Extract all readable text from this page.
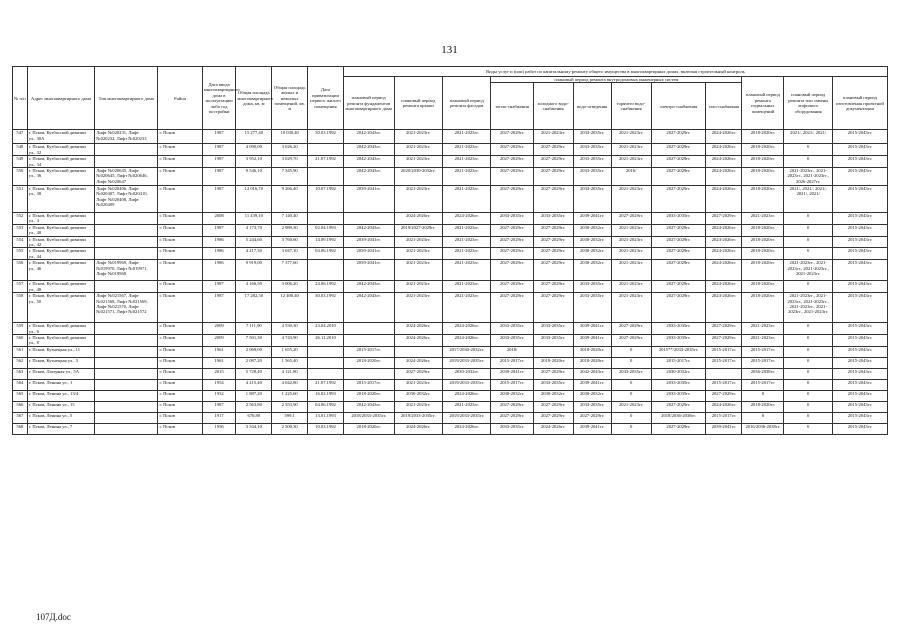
131
№ п/п	Адрес многоквартирного дома	Тип многоквартирного дома	Район	Дата ввода многоквартирного дома в эксплуатацию либо год постройки	Общая площадь многоквартирного дома, кв. м	Общая площадь жилых и нежилых помещений, кв. м	Дата приватизации первого жилого помещения	Виды услуг и (или) работ по капитальному ремонту общего имущества в многоквартирных домах, включая строительный контроль											
								плановый период ремонта фундаментов многоквартирного дома	плановый период ремонта крыши	плановый период ремонта фасадов	плановый период ремонта внутридомовых инженерных систем						плановый период ремонта подвальных помещений	плановый период ремонта или замены лифтового оборудования	плановый период изготовления проектной документации
											тепло-снабжения	холодного водо-снабжения	водо-отведения	горячего водо-снабжения	электро-снабжения	газо-снабжения			
547	г. Псков, Кузбасской дивизии ул., 30А	Лифт №020231, Лифт №020232, Лифт №020233	г. Псков	1987	15 277,40	10 030,40	30.03.1992	2042-2043гг.	2021-2023гг.	2021-2023гг.	2027-2029гг.	2021-2023гг.	2033-2035гг.	2021-2023гг.	2027-2029гг.	2024-2026гг.	2018-2020гг.	2021/, 2021/, 2021/	2015-2043гг.
548	г. Псков, Кузбасской дивизии ул., 32		г. Псков	1987	4 090,00	3 026,20		2042-2043гг.	2021-2023гг.	2021-2023гг.	2027-2029гг.	2027-2029гг.	2033-2035гг.	2021-2023гг.	2027-2029гг.	2024-2026гг.	2018-2020гг.	0	2015-2043гг.
549	г. Псков, Кузбасской дивизии ул., 34		г. Псков	1987	3 952,10	3 029,70	21.07.1992	2042-2043гг.	2021-2023гг.	2021-2023гг.	2027-2029гг.	2027-2029гг.	2033-2035гг.	2021-2023гг.	2027-2029гг.	2024-2026гг.	2018-2020гг.	0	2015-2043гг.
550	г. Псков, Кузбасской дивизии ул., 36	Лифт №020645, Лифт №020645, Лифт №020646, Лифт №020647	г. Псков	1987	9 546,10	7 345,90		2042-2043гг.	2020/2030-2032гг.	2021-2023гг.	2027-2029гг.	2027-2029гг.	2033-2035гг.	2016/	2027-2029гг.	2024-2026гг.	2018-2020гг.	2021-2023гг., 2021-2023гг., 2021-2023гг., 2026-2027гг.	2015-2043гг.
551	г. Псков, Кузбасской дивизии ул., 38	Лифт №020406, Лифт №020407, Лифт №020410, Лифт №020408, Лифт №020409	г. Псков	1987	12 016,70	9 266,40	10.07.1992	2039-2041гг.	2021-2023гг.	2021-2023гг.	2027-2029гг.	2027-2029гг.	2033-2035гг.	2021-2023гг.	2027-2029гг.	2024-2026гг.	2018-2020гг.	2021/, 2021/, 2021/, 2021/, 2021/	2015-2043гг.
552	г. Псков, Кузбасской дивизии ул., 4		г. Псков	2008	11 439,10	7 140,40			2024-2026гг.	2024-2026гг.	2033-2035гг.	2033-2035гг.	2039-2041гг.	2027-2029гг.	2033-2035гг.	2027-2029гг.	2021-2023гг.	0	2015-2043гг.
553	г. Псков, Кузбасской дивизии ул., 40		г. Псков	1987	4 173,70	2 989,30	02.04.1993	2042-2043гг.	2019/2027-2029гг.	2021-2023гг.	2027-2029гг.	2027-2029гг.	2030-2032гг.	2021-2023гг.	2027-2029гг.	2024-2026гг.	2018-2020гг.	0	2015-2043гг.
554	г. Псков, Кузбасской дивизии ул., 42		г. Псков	1986	5 244,60	3 760,60	14.09.1992	2039-2041гг.	2021-2023гг.	2021-2023гг.	2027-2029гг.	2027-2029гг.	2030-2032гг.	2021-2023гг.	2027-2029гг.	2024-2026гг.	2018-2020гг.	0	2015-2043гг.
555	г. Псков, Кузбасской дивизии ул., 44		г. Псков	1986	4 217,30	3 047,10	04.06.1992	2039-2041гг.	2021-2023гг.	2021-2023гг.	2027-2029гг.	2027-2029гг.	2030-2032гг.	2021-2023гг.	2027-2029гг.	2024-2026гг.	2018-2020гг.	0	2015-2043гг.
556	г. Псков, Кузбасской дивизии ул., 46	Лифт №019969, Лифт №019970, Лифт №019971, Лифт №019968	г. Псков	1986	9 919,00	7 377,60		2039-2041гг.	2021-2023гг.	2021-2023гг.	2027-2029гг.	2027-2029гг.	2030-2032гг.	2021-2023гг.	2027-2029гг.	2024-2026гг.	2018-2020гг.	2021-2023гг., 2021-2023гг., 2021-2023гг., 2021-2023гг.	2015-2043гг.
557	г. Псков, Кузбасской дивизии ул., 48		г. Псков	1987	4 166,50	3 006,20	24.06.1992	2042-2043гг.	2021-2023гг.	2021-2023гг.	2027-2029гг.	2027-2029гг.	2033-2035гг.	2021-2023гг.	2027-2029гг.	2024-2026гг.	2018-2020гг.	0	2015-2043гг.
558	г. Псков, Кузбасской дивизии ул., 50	Лифт №021567, Лифт №021568, Лифт №021569, Лифт №021570, Лифт №021571, Лифт №021572	г. Псков	1987	17 282,50	12 400,40	30.03.1992	2042-2043гг.	2021-2023гг.	2021-2023гг.	2027-2029гг.	2027-2029гг.	2033-2035гг.	2021-2023гг.	2027-2029гг.	2024-2026гг.	2018-2020гг.	2021-2023гг., 2021-2023гг., 2021-2023гг., 2021-2023гг., 2021-2023гг., 2021-2023гг.	2015-2043гг.
559	г. Псков, Кузбасской дивизии ул., 6		г. Псков	2009	7 111,90	4 530,30	23.04.2010		2024-2026гг.	2024-2026гг.	2033-2035гг.	2033-2035гг.	2039-2041гг.	2027-2029гг.	2033-2035гг.	2027-2029гг.	2021-2023гг.	0	2015-2043гг.
560	г. Псков, Кузбасской дивизии ул., 8		г. Псков	2009	7 501,30	4 743,90	26.11.2010		2024-2026гг.	2024-2026гг.	2033-2035гг.	2033-2035гг.	2039-2041гг.	2027-2029гг.	2033-2035гг.	2027-2029гг.	2021-2023гг.	0	2015-2043гг.
561	г. Псков, Кузнецкая ул., 11		г. Псков	1961	2 069,00	1 655,20		2015-2017гг.		2017/2030-2032гг.	2018/		2018-2020гг.	0	2015**/2033-2035гг.	2015-2017гг.	2015-2017гг.	0	2015-2043гг.
562	г. Псков, Кузнецкая ул., 3		г. Псков	1961	2 087,20	1 565,40		2018-2020гг.	2024-2026гг.	2019/2033-2035гг.	2015-2017гг.	2018-2020гг.	2018-2020гг.	0	2015-2017гг.	2015-2017гг.	2015-2017гг.	0	2015-2043гг.
563	г. Псков, Лагерная ул., 5А		г. Псков	2015	5 728,40	4 121,80			2027-2029гг.	2030-2032гг.	2039-2041гг.	2027-2029гг.	2042-2043гг.	2033-2035гг.	2030-2032гг.		2036-2038гг.	0	2015-2043гг.
564	г. Псков, Ленина ул., 1		г. Псков	1954	4 215,40	4 042,80	21.07.1992	2015-2017гг.	2021-2023гг.	2019/2033-2035гг.	2015-2017гг.	2033-2035гг.	2039-2041гг.	0	2033-2035гг.	2015-2017гг.	2015-2017гг.	0	2015-2043гг.
565	г. Псков, Ленина ул., 13/4		г. Псков	1932	1 887,20	1 225,60	16.02.1993	2018-2020гг.	2030-2032гг.	2024-2026гг.	2030-2032гг.	2030-2032гг.	2030-2032гг.	0	2033-2035гг.	2027-2029гг.	0	0	2015-2043гг.
566	г. Псков, Ленина ул., 15		г. Псков	1987	2 563,80	2 553,90	04.06.1992	2042-2043гг.	2021-2023гг.	2021-2023гг.	2027-2029гг.	2027-2029гг.	2033-2035гг.	2021-2023гг.	2027-2029гг.	2024-2026гг.	2018-2020гг.	0	2015-2043гг.
567	г. Псков, Ленина ул., 5		г. Псков	1917	676,80	599,1	13.01.1993	2018/2033-2035гг.	2019/2033-2035гг.	2019/2033-2035гг.	2027-2029гг.	2027-2029гг.	2027-2029гг.	0	2018/2036-2038гг.	2015-2017гг.	0	0	2015-2043гг.
568	г. Псков, Ленина ул., 7		г. Псков	1956	3 544,10	2 500,30	10.03.1992	2018-2020гг.	2024-2026гг.	2024-2026гг.	2033-2035гг.	2024-2026гг.	2039-2041гг.	0	2027-2029гг.	2039-2041гг.	2016/2036-2038гг.	0	2015-2043гг.
107Д.doc
